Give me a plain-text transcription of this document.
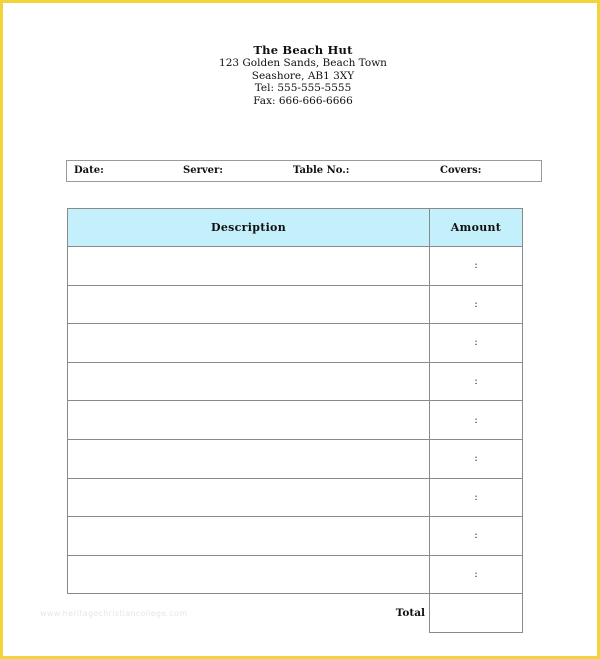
The Beach Hut
123 Golden Sands, Beach Town
Seashore, AB1 3XY
Tel: 555-555-5555
Fax: 666-666-6666
Date:	Server:	Table No.:	Covers:
Description	Amount
	:
	:
	:
	:
	:
	:
	:
	:
	:
Total	
www.heritagechristiancollege.com
